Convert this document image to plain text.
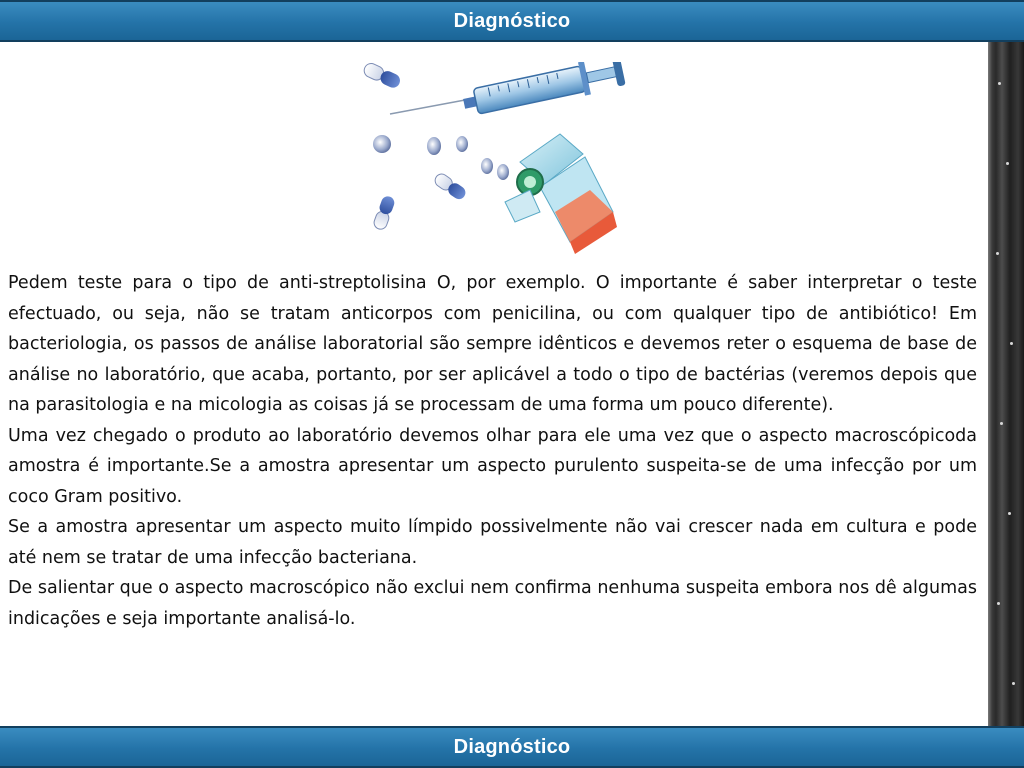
Diagnóstico

Pedem teste para o tipo de anti-streptolisina O, por exemplo. O importante é saber interpretar o teste efectuado, ou seja, não se tratam anticorpos com penicilina, ou com qualquer tipo de antibiótico! Em bacteriologia, os passos de análise laboratorial são sempre idênticos e devemos reter o esquema de base de análise no laboratório, que acaba, portanto, por ser aplicável a todo o tipo de bactérias (veremos depois que na parasitologia e na micologia as coisas já se processam de uma forma um pouco diferente).

Uma vez chegado o produto ao laboratório devemos olhar para ele uma vez que o aspecto macroscópicoda amostra é importante.Se a amostra apresentar um aspecto purulento suspeita-se de uma infecção por um coco Gram positivo.

Se a amostra apresentar um aspecto muito límpido possivelmente não vai crescer nada em cultura e pode até nem se tratar de uma infecção bacteriana.

De salientar que o aspecto macroscópico não exclui nem confirma nenhuma suspeita embora nos dê algumas indicações e seja importante analisá-lo.

Diagnóstico
